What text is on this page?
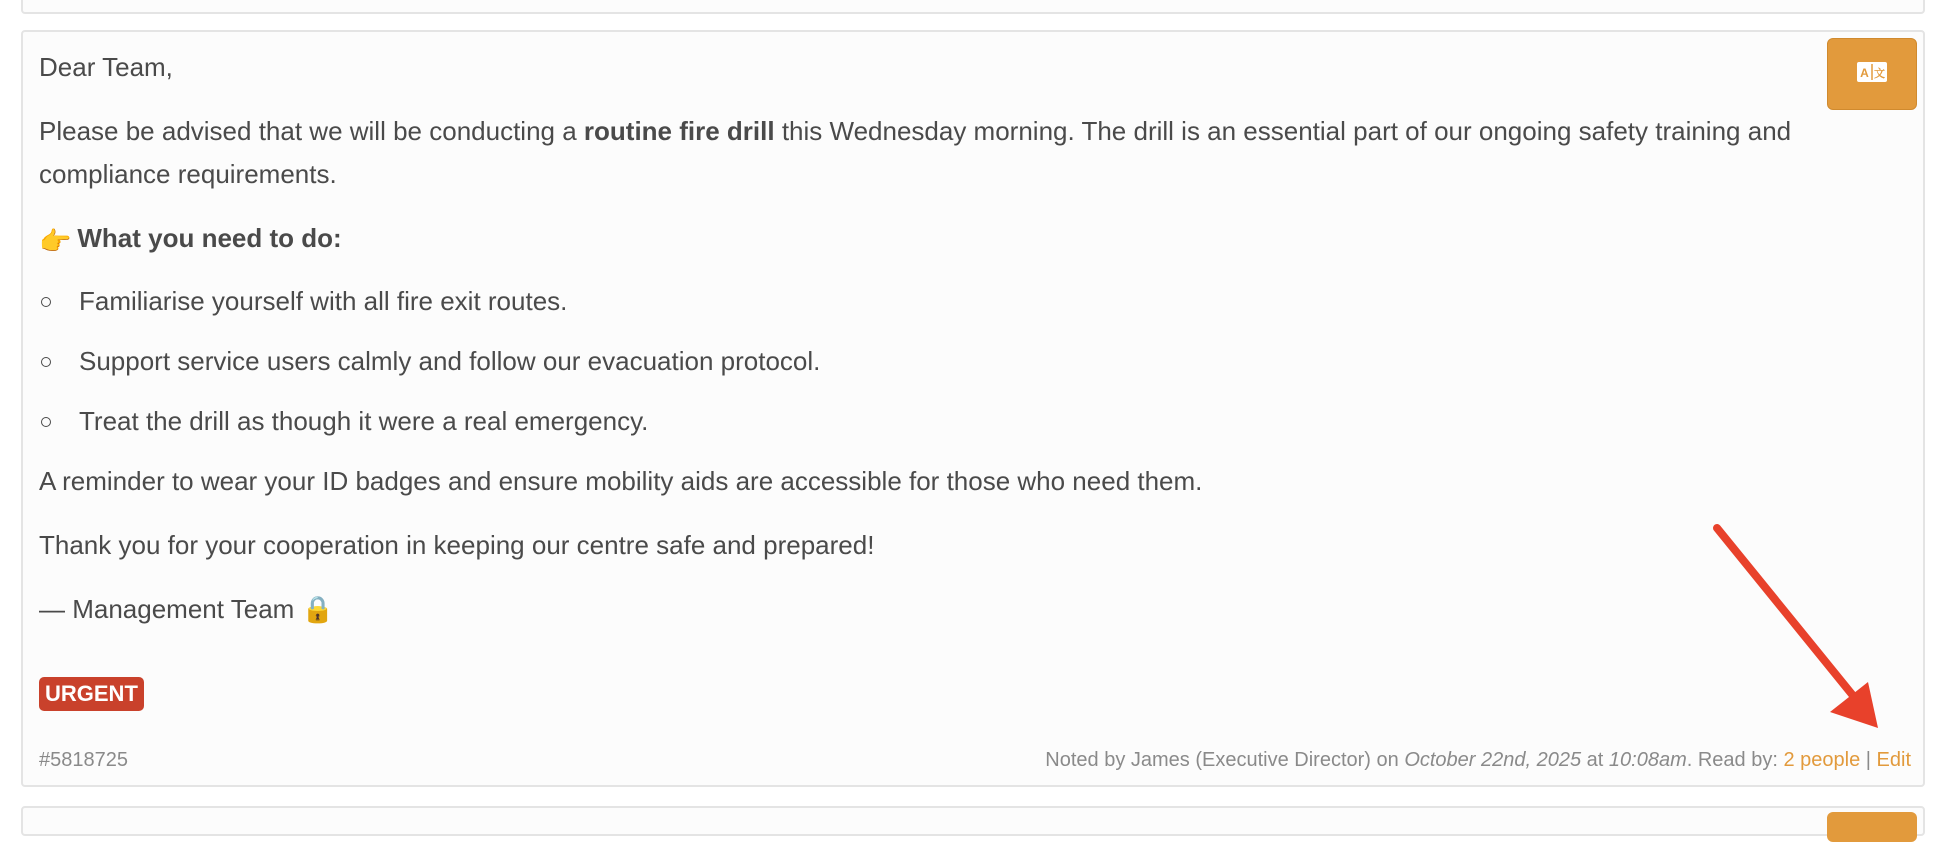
A 文

Dear Team,

Please be advised that we will be conducting a routine fire drill this Wednesday morning. The drill is an essential part of our ongoing safety training and compliance requirements.

👉 What you need to do:

Familiarise yourself with all fire exit routes.
Support service users calmly and follow our evacuation protocol.
Treat the drill as though it were a real emergency.

A reminder to wear your ID badges and ensure mobility aids are accessible for those who need them.

Thank you for your cooperation in keeping our centre safe and prepared!

— Management Team 🔒

URGENT
#5818725	Noted by James (Executive Director) on October 22nd, 2025 at 10:08am. Read by: 2 people | Edit
